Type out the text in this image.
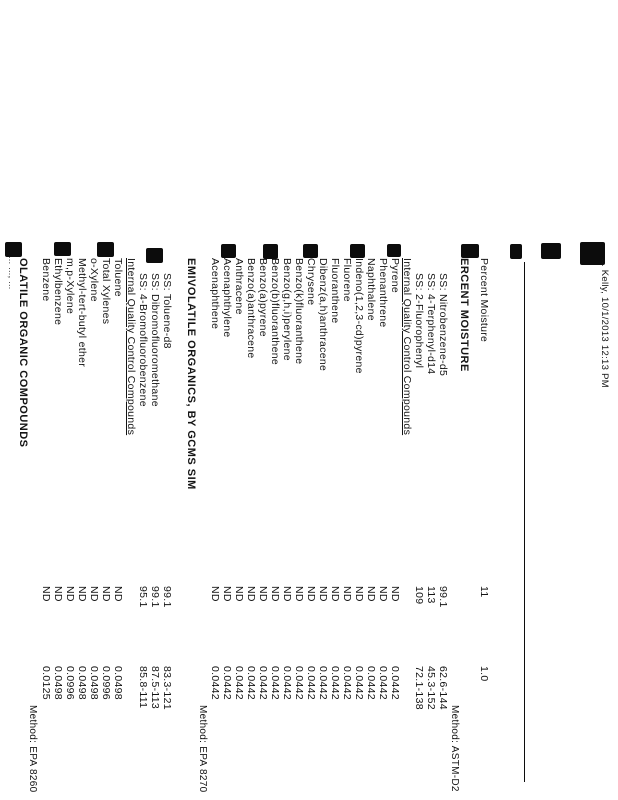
... ..., ... OLATILE ORGANIC COMPOUNDS
Method: EPA 8260
Benzene
ND
0.0125
Ethylbenzene
ND
0.0498
m,p-Xylene
ND
0.0996
Methyl-tert-butyl ether
ND
0.0498
o-Xylene
ND
0.0498
Total Xylenes
ND
0.0996
Toluene
ND
0.0498
Internal Quality Control Compounds SS: 4-Bromofluorobenzene
95.1
85.8-111
SS: Dibromofluoromethane
99.1
87.5-113
SS: Toluene-d8
99.1
83.3-121
EMIVOLATILE ORGANICS, BY GCMS SIM
Method: EPA 8270
Acenaphthene
ND
0.0442
Acenaphthylene
ND
0.0442
Anthracene
ND
0.0442
Benzo(a)anthracene
ND
0.0442
Benzo(a)pyrene
ND
0.0442
Benzo(b)fluoranthene
ND
0.0442
Benzo(g,h,i)perylene
ND
0.0442
Benzo(k)fluoranthene
ND
0.0442
Chrysene
ND
0.0442
Dibenz(a,h)anthracene
ND
0.0442
Fluoranthene
ND
0.0442
Fluorene
ND
0.0442
Indeno(1,2,3-cd)pyrene
ND
0.0442
Naphthalene
ND
0.0442
Phenanthrene
ND
0.0442
Pyrene
ND
0.0442
Internal Quality Control Compounds SS: 2-Fluorophenyl
109
72.1-138
SS: 4-Terphenyl-d14
113
45.3-152
SS: Nitrobenzene-d5
99.1
62.6-144
ERCENT MOISTURE
Method: ASTM-D2
Percent Moisture
11
1.0
... Kelly, 10/1/2013 12:13 PM
